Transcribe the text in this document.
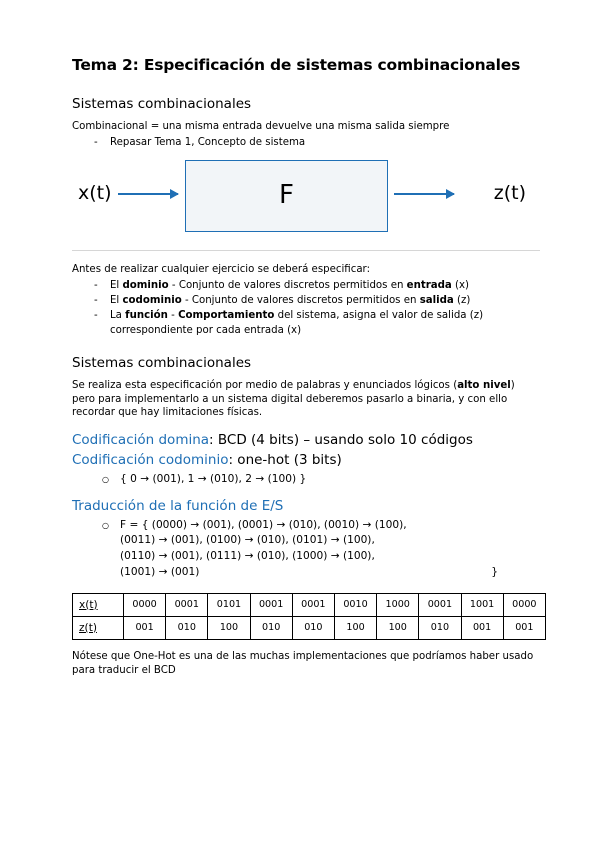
Tema 2: Especificación de sistemas combinacionales
Sistemas combinacionales

Combinacional = una misma entrada devuelve una misma salida siempre

- Repasar Tema 1, Concepto de sistema
x(t)	F	z(t)

Antes de realizar cualquier ejercicio se deberá especificar:

- El dominio - Conjunto de valores discretos permitidos en entrada (x)
- El codominio - Conjunto de valores discretos permitidos en salida (z)
- La función - Comportamiento del sistema, asigna el valor de salida (z)
correspondiente por cada entrada (x)
Sistemas combinacionales

Se realiza esta especificación por medio de palabras y enunciados lógicos (alto nivel) pero para implementarlo a un sistema digital deberemos pasarlo a binaria, y con ello recordar que hay limitaciones físicas.

Codificación domina: BCD (4 bits) – usando solo 10 códigos
Codificación codominio: one-hot (3 bits)
○ { 0 → (001), 1 → (010), 2 → (100) }
Traducción de la función de E/S
○ F = { (0000) → (001), (0001) → (010), (0010) → (100),
(0011) → (001), (0100) → (010), (0101) → (100),
(0110) → (001), (0111) → (010), (1000) → (100),
(1001) → (001)	}
x(t)	0000	0001	0101	0001	0001	0010	1000	0001	1001	0000
z(t)	001	010	100	010	010	100	100	010	001	001

Nótese que One-Hot es una de las muchas implementaciones que podríamos haber usado para traducir el BCD
